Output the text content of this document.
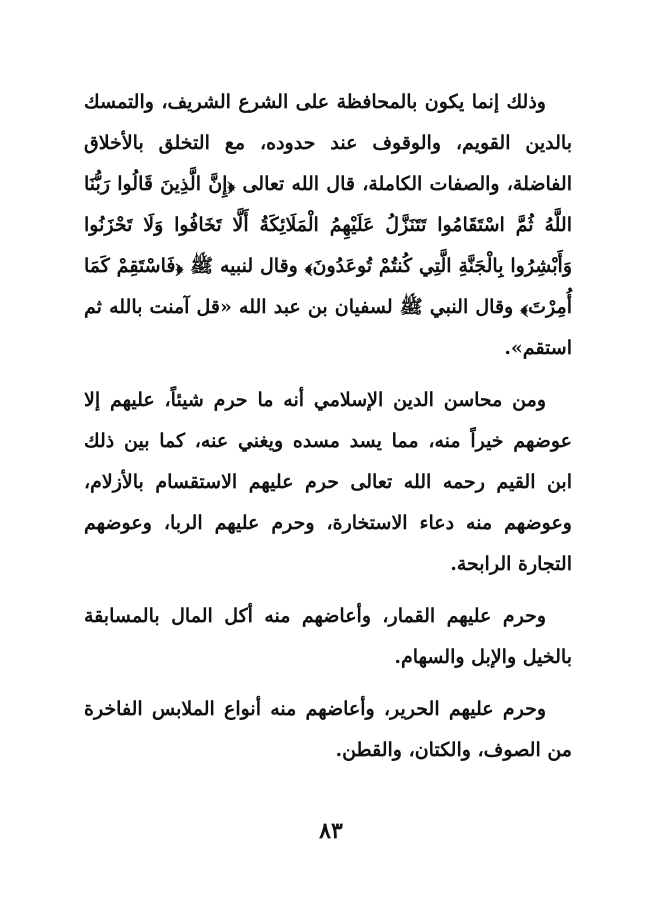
وذلك إنما يكون بالمحافظة على الشرع الشريف، والتمسك بالدين القويم، والوقوف عند حدوده، مع التخلق بالأخلاق الفاضلة، والصفات الكاملة، قال الله تعالى ﴿إِنَّ الَّذِينَ قَالُوا رَبُّنَا اللَّهُ ثُمَّ اسْتَقَامُوا تَتَنَزَّلُ عَلَيْهِمُ الْمَلَائِكَةُ أَلَّا تَخَافُوا وَلَا تَحْزَنُوا وَأَبْشِرُوا بِالْجَنَّةِ الَّتِي كُنتُمْ تُوعَدُونَ﴾ وقال لنبيه ﷺ ﴿فَاسْتَقِمْ كَمَا أُمِرْتَ﴾ وقال النبي ﷺ لسفيان بن عبد الله «قل آمنت بالله ثم استقم».

ومن محاسن الدين الإسلامي أنه ما حرم شيئاً، عليهم إلا عوضهم خيراً منه، مما يسد مسده ويغني عنه، كما بين ذلك ابن القيم رحمه الله تعالى حرم عليهم الاستقسام بالأزلام، وعوضهم منه دعاء الاستخارة، وحرم عليهم الربا، وعوضهم التجارة الرابحة.

وحرم عليهم القمار، وأعاضهم منه أكل المال بالمسابقة بالخيل والإبل والسهام.

وحرم عليهم الحرير، وأعاضهم منه أنواع الملابس الفاخرة من الصوف، والكتان، والقطن.

٨٣
